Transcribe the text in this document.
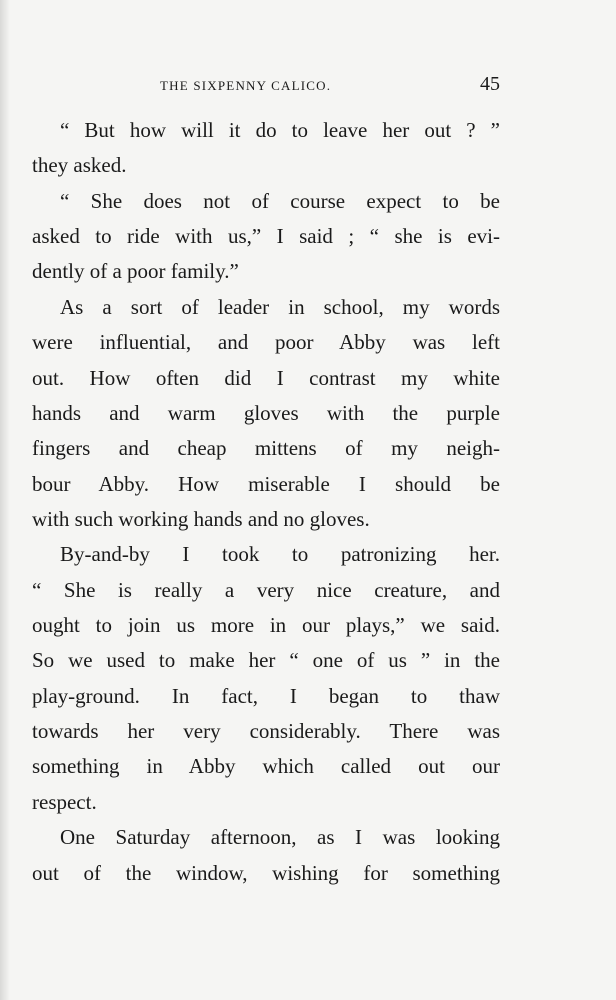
THE SIXPENNY CALICO.	45
“ But how will it do to leave her out ? ”
they asked.
“ She does not of course expect to be
asked to ride with us,” I said ; “ she is evi-
dently of a poor family.”
As a sort of leader in school, my words
were influential, and poor Abby was left
out. How often did I contrast my white
hands and warm gloves with the purple
fingers and cheap mittens of my neigh-
bour Abby. How miserable I should be
with such working hands and no gloves.
By-and-by I took to patronizing her.
“ She is really a very nice creature, and
ought to join us more in our plays,” we said.
So we used to make her “ one of us ” in the
play-ground. In fact, I began to thaw
towards her very considerably. There was
something in Abby which called out our
respect.
One Saturday afternoon, as I was looking
out of the window, wishing for something
